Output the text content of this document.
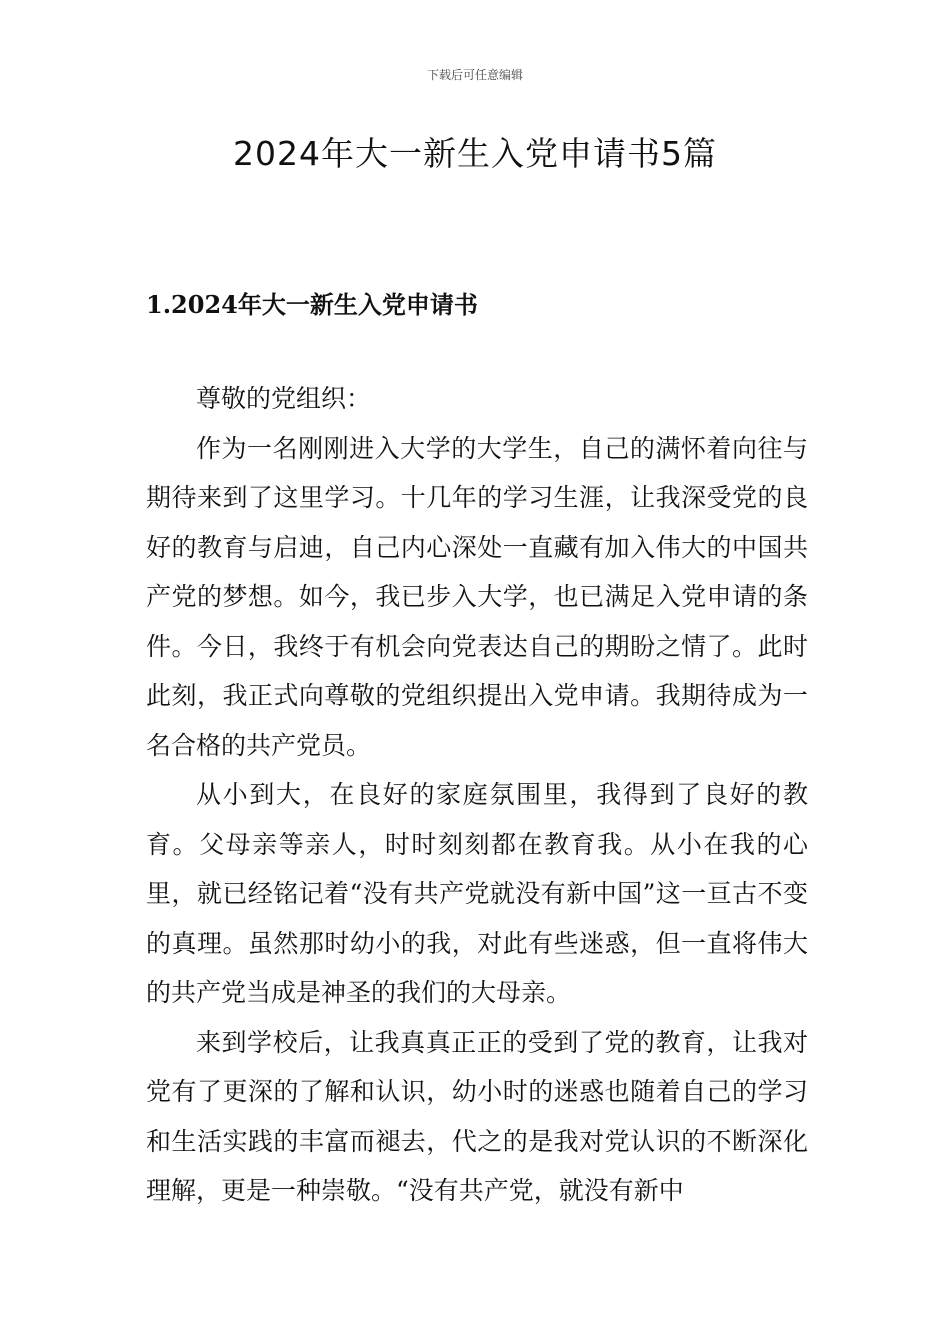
下载后可任意编辑
2024年大一新生入党申请书5篇
1.2024年大一新生入党申请书

尊敬的党组织：

作为一名刚刚进入大学的大学生，自己的满怀着向往与期待来到了这里学习。十几年的学习生涯，让我深受党的良好的教育与启迪，自己内心深处一直藏有加入伟大的中国共产党的梦想。如今，我已步入大学，也已满足入党申请的条件。今日，我终于有机会向党表达自己的期盼之情了。此时此刻，我正式向尊敬的党组织提出入党申请。我期待成为一名合格的共产党员。

从小到大，在良好的家庭氛围里，我得到了良好的教育。父母亲等亲人，时时刻刻都在教育我。从小在我的心里，就已经铭记着“没有共产党就没有新中国”这一亘古不变的真理。虽然那时幼小的我，对此有些迷惑，但一直将伟大的共产党当成是神圣的我们的大母亲。

来到学校后，让我真真正正的受到了党的教育，让我对党有了更深的了解和认识，幼小时的迷惑也随着自己的学习和生活实践的丰富而褪去，代之的是我对党认识的不断深化理解，更是一种崇敬。“没有共产党，就没有新中
